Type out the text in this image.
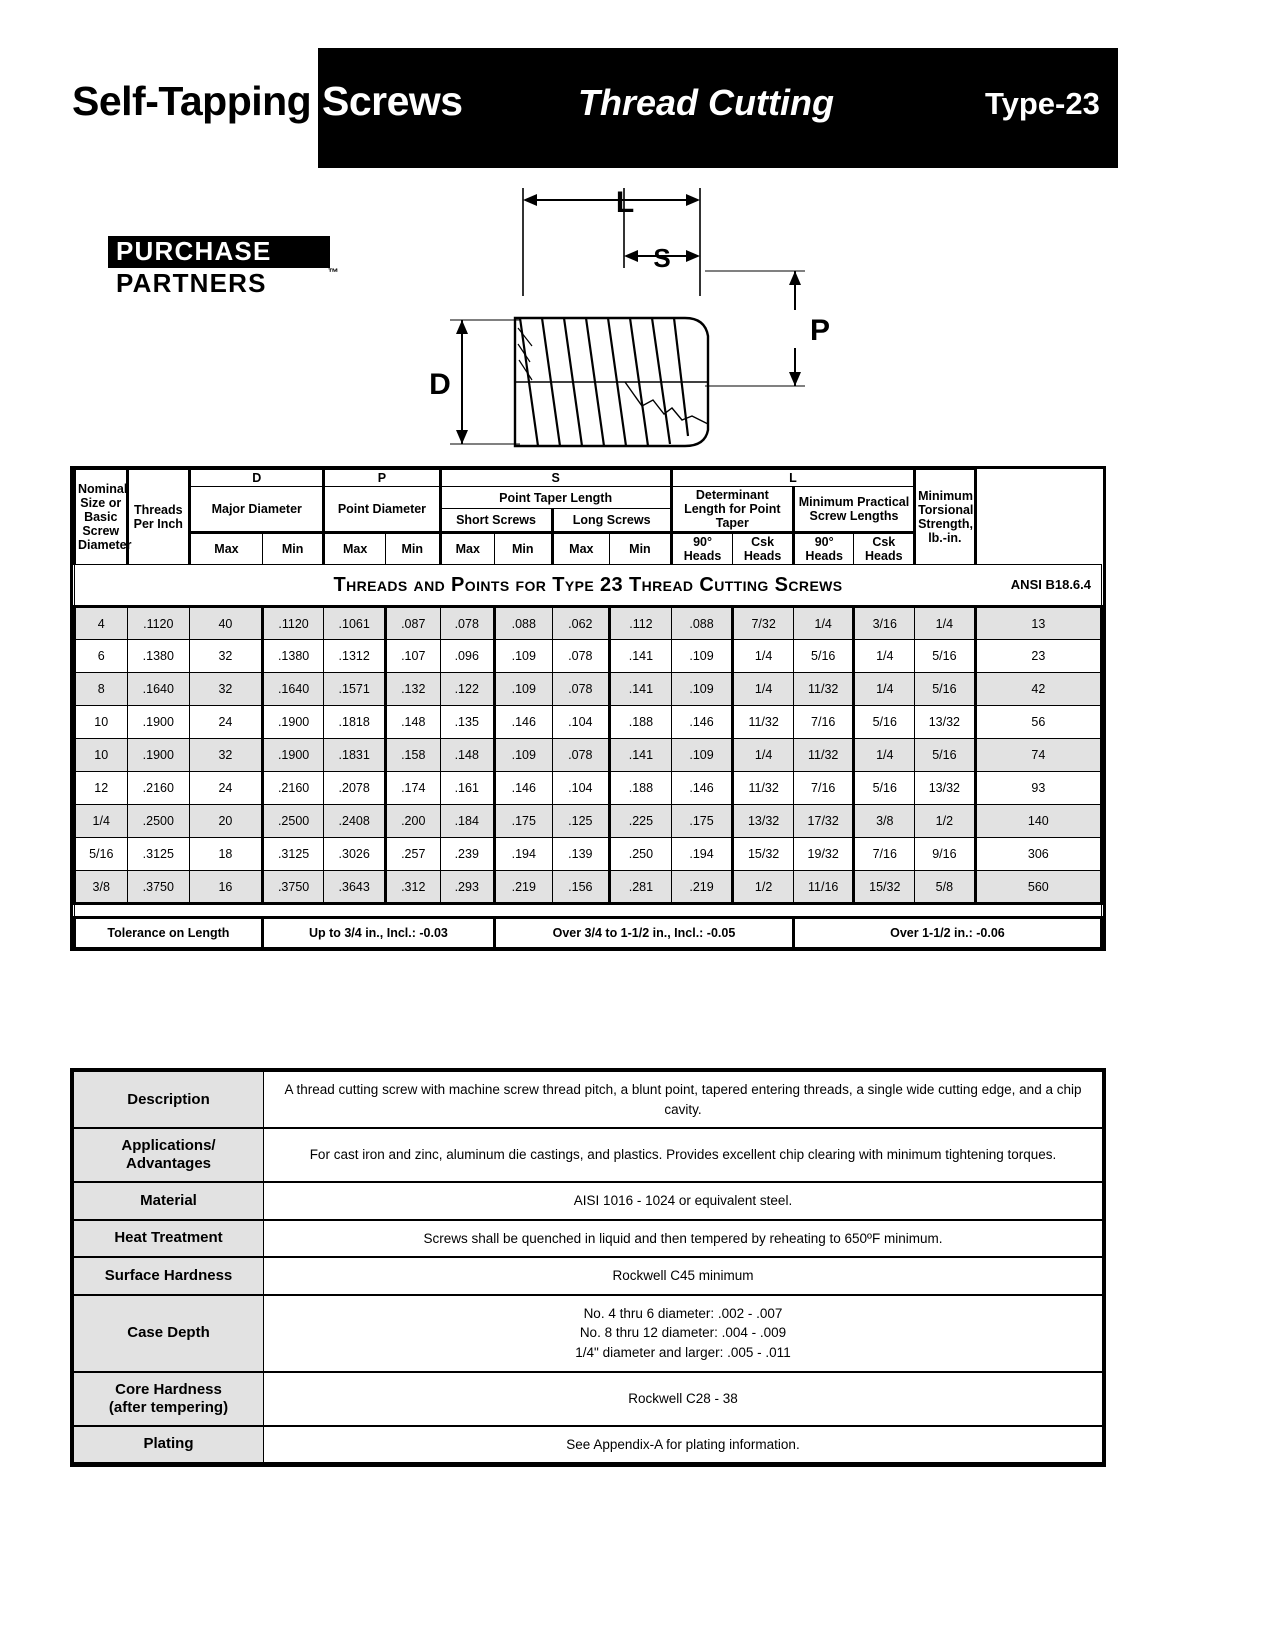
Self-Tapping Screws	Thread Cutting	Type-23
PURCHASE
PARTNERS	™
L
S
D
P
Threads and Points for Type 23 Thread Cutting Screws ANSI B18.6.4															

Nominal Size or Basic Screw Diameter	Threads Per Inch	D		P		S				L				Minimum Torsional Strength, lb.-in.	
		Major Diameter		Point Diameter		Point Taper Length				Determinant Length for Point Taper		Minimum Practical Screw Lengths			
						Short Screws		Long Screws							
		Max	Min	Max	Min	Max	Min	Max	Min	90° Heads	Csk Heads	90° Heads	Csk Heads		
4	.1120	40	.1120	.1061	.087	.078	.088	.062	.112	.088	7/32	1/4	3/16	1/4	13
6	.1380	32	.1380	.1312	.107	.096	.109	.078	.141	.109	1/4	5/16	1/4	5/16	23
8	.1640	32	.1640	.1571	.132	.122	.109	.078	.141	.109	1/4	11/32	1/4	5/16	42
10	.1900	24	.1900	.1818	.148	.135	.146	.104	.188	.146	11/32	7/16	5/16	13/32	56
10	.1900	32	.1900	.1831	.158	.148	.109	.078	.141	.109	1/4	11/32	1/4	5/16	74
12	.2160	24	.2160	.2078	.174	.161	.146	.104	.188	.146	11/32	7/16	5/16	13/32	93
1/4	.2500	20	.2500	.2408	.200	.184	.175	.125	.225	.175	13/32	17/32	3/8	1/2	140
5/16	.3125	18	.3125	.3026	.257	.239	.194	.139	.250	.194	15/32	19/32	7/16	9/16	306
3/8	.3750	16	.3750	.3643	.312	.293	.219	.156	.281	.219	1/2	11/16	15/32	5/8	560

Tolerance on Length			Up to 3/4 in., Incl.: -0.03				Over 3/4 to 1-1/2 in., Incl.: -0.05					Over 1-1/2 in.: -0.06			
Description	A thread cutting screw with machine screw thread pitch, a blunt point, tapered entering threads, a single wide cutting edge, and a chip cavity.
Applications/
Advantages	For cast iron and zinc, aluminum die castings, and plastics. Provides excellent chip clearing with minimum tightening torques.
Material	AISI 1016 - 1024 or equivalent steel.
Heat Treatment	Screws shall be quenched in liquid and then tempered by reheating to 650ºF minimum.
Surface Hardness	Rockwell C45 minimum
Case Depth	No. 4 thru 6 diameter: .002 - .007
No. 8 thru 12 diameter: .004 - .009
1/4" diameter and larger: .005 - .011
Core Hardness
(after tempering)	Rockwell C28 - 38
Plating	See Appendix-A for plating information.
